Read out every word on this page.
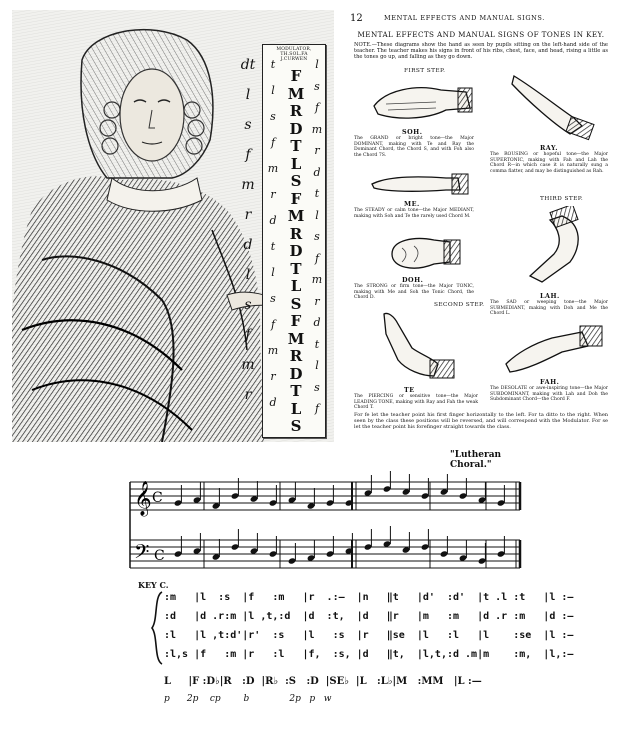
MODULATOR, TH.SOL.FA
J.CURWEN
t
l
s
f
m
r
d
t
l
s
f
m
r
d
F
M
R
D
T
L
S
F
M
R
D
T
L
S
F
M
R
D
T
L
S
l
s
f
m
r
d
t
l
s
f
m
r
d
t
l
s
f
dt
l
s
f
m
r
d
l
s
f
m
r
12	MENTAL EFFECTS AND MANUAL SIGNS.
MENTAL EFFECTS AND MANUAL SIGNS OF TONES IN KEY.
NOTE.—These diagrams show the hand as seen by pupils sitting on the left-hand side of the teacher. The teacher makes his signs in front of his ribs, chest, face, and head, rising a little as the tones go up, and falling as they go down.
FIRST STEP.
SECOND STEP.
THIRD STEP.
SOH.
The GRAND or bright tone—the Major DOMINANT, making with Te and Ray the Dominant Chord, the Chord S, and with Foh also the Chord 7S.
RAY.
The ROUSING or hopeful tone—the Major SUPERTONIC, making with Fah and Lah the Chord R—in which case it is naturally sung a comma flatter, and may be distinguished as Rah.
ME.
The STEADY or calm tone—the Major MEDIANT, making with Soh and Te the rarely used Chord M.
DOH.
The STRONG or firm tone—the Major TONIC, making with Me and Soh the Tonic Chord, the Chord D.	LAH.
The SAD or weeping tone—the Major SUBMEDIANT, making with Doh and Me the Chord L.
TE
The PIERCING or sensitive tone—the Major LEADING TONE, making with Ray and Fah the weak Chord T.
FAH.
The DESOLATE or awe-inspiring tone—the Major SUBDOMINANT, making with Lah and Doh the Subdominant Chord—the Chord F.
For fe let the teacher point his first finger horizontally to the left. For ta ditto to the right. When seen by the class these positions will be reversed, and will correspond with the Modulator. For se let the teacher point his forefinger straight towards the class.
"Lutheran Choral."
𝄞 C
𝄢 C
KEY C.
:m   |l  :s  |f   :m   |r  .:—  |n   ‖t   |d'  :d'  |t .l :t   |l :—
:d   |d .r:m |l ,t,:d  |d  :t,  |d   ‖r   |m   :m   |d .r :m   |d :—
:l   |l ,t:d'|r'  :s   |l   :s  |r   ‖se  |l   :l   |l    :se  |l :—
:l,s |f   :m |r   :l   |f,  :s, |d   ‖t,  |l,t,:d .m|m    :m,  |l,:—
L     |F :D♭|R   :D  |R♭  :S   :D  |SE♭  |L   :L♭|M   :MM   |L :—
p      2p    cp        b              2p   p   w
